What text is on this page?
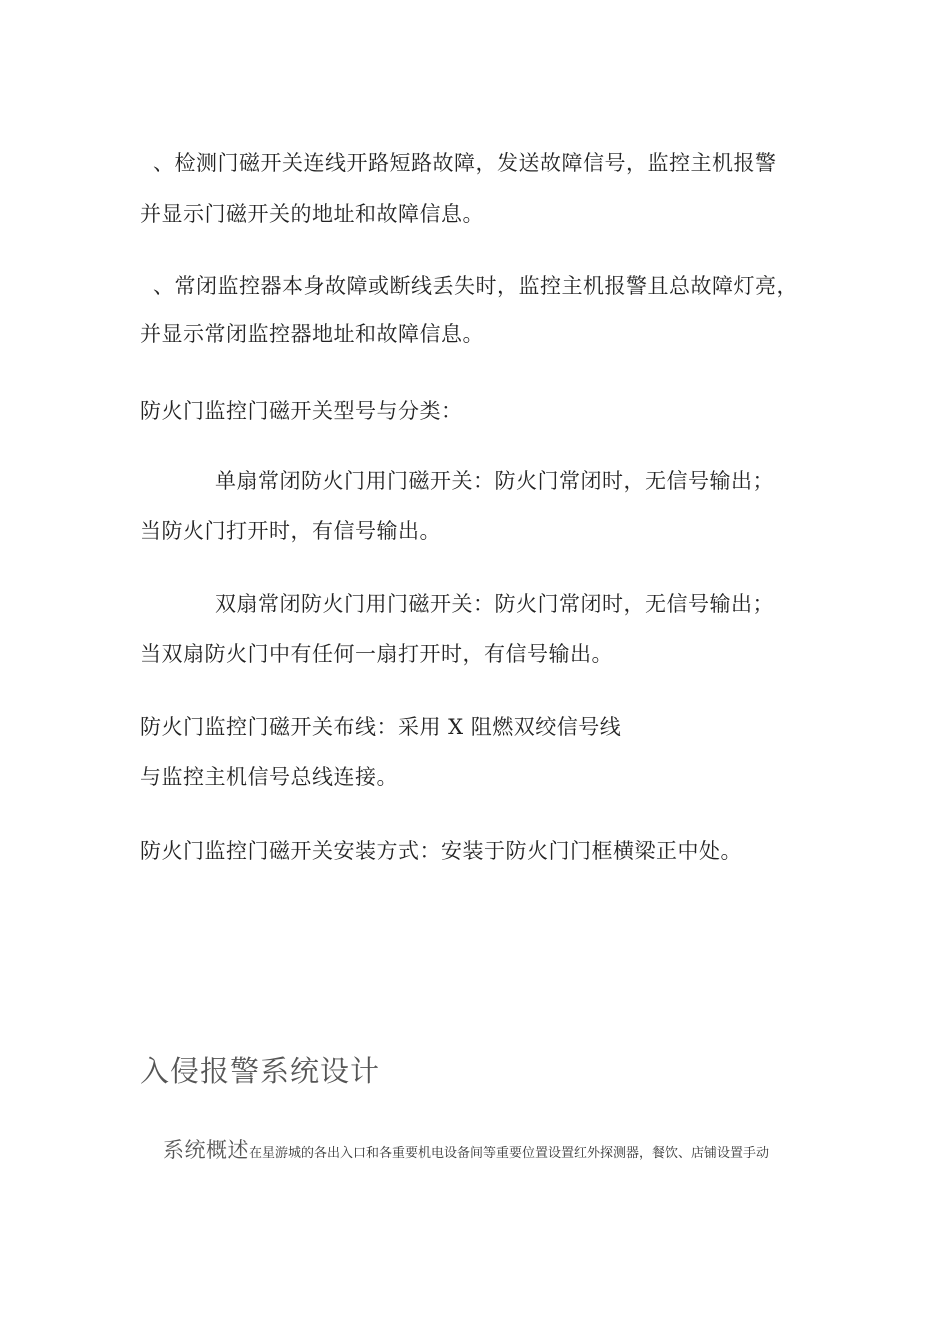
、检测门磁开关连线开路短路故障，发送故障信号，监控主机报警
并显示门磁开关的地址和故障信息。
、常闭监控器本身故障或断线丢失时，监控主机报警且总故障灯亮，
并显示常闭监控器地址和故障信息。
防火门监控门磁开关型号与分类：
单扇常闭防火门用门磁开关：防火门常闭时，无信号输出；
当防火门打开时，有信号输出。
双扇常闭防火门用门磁开关：防火门常闭时，无信号输出；
当双扇防火门中有任何一扇打开时，有信号输出。
防火门监控门磁开关布线：采用 X 阻燃双绞信号线
与监控主机信号总线连接。
防火门监控门磁开关安装方式：安装于防火门门框横梁正中处。
入侵报警系统设计
系统概述在星游城的各出入口和各重要机电设备间等重要位置设置红外探测器，餐饮、店铺设置手动
